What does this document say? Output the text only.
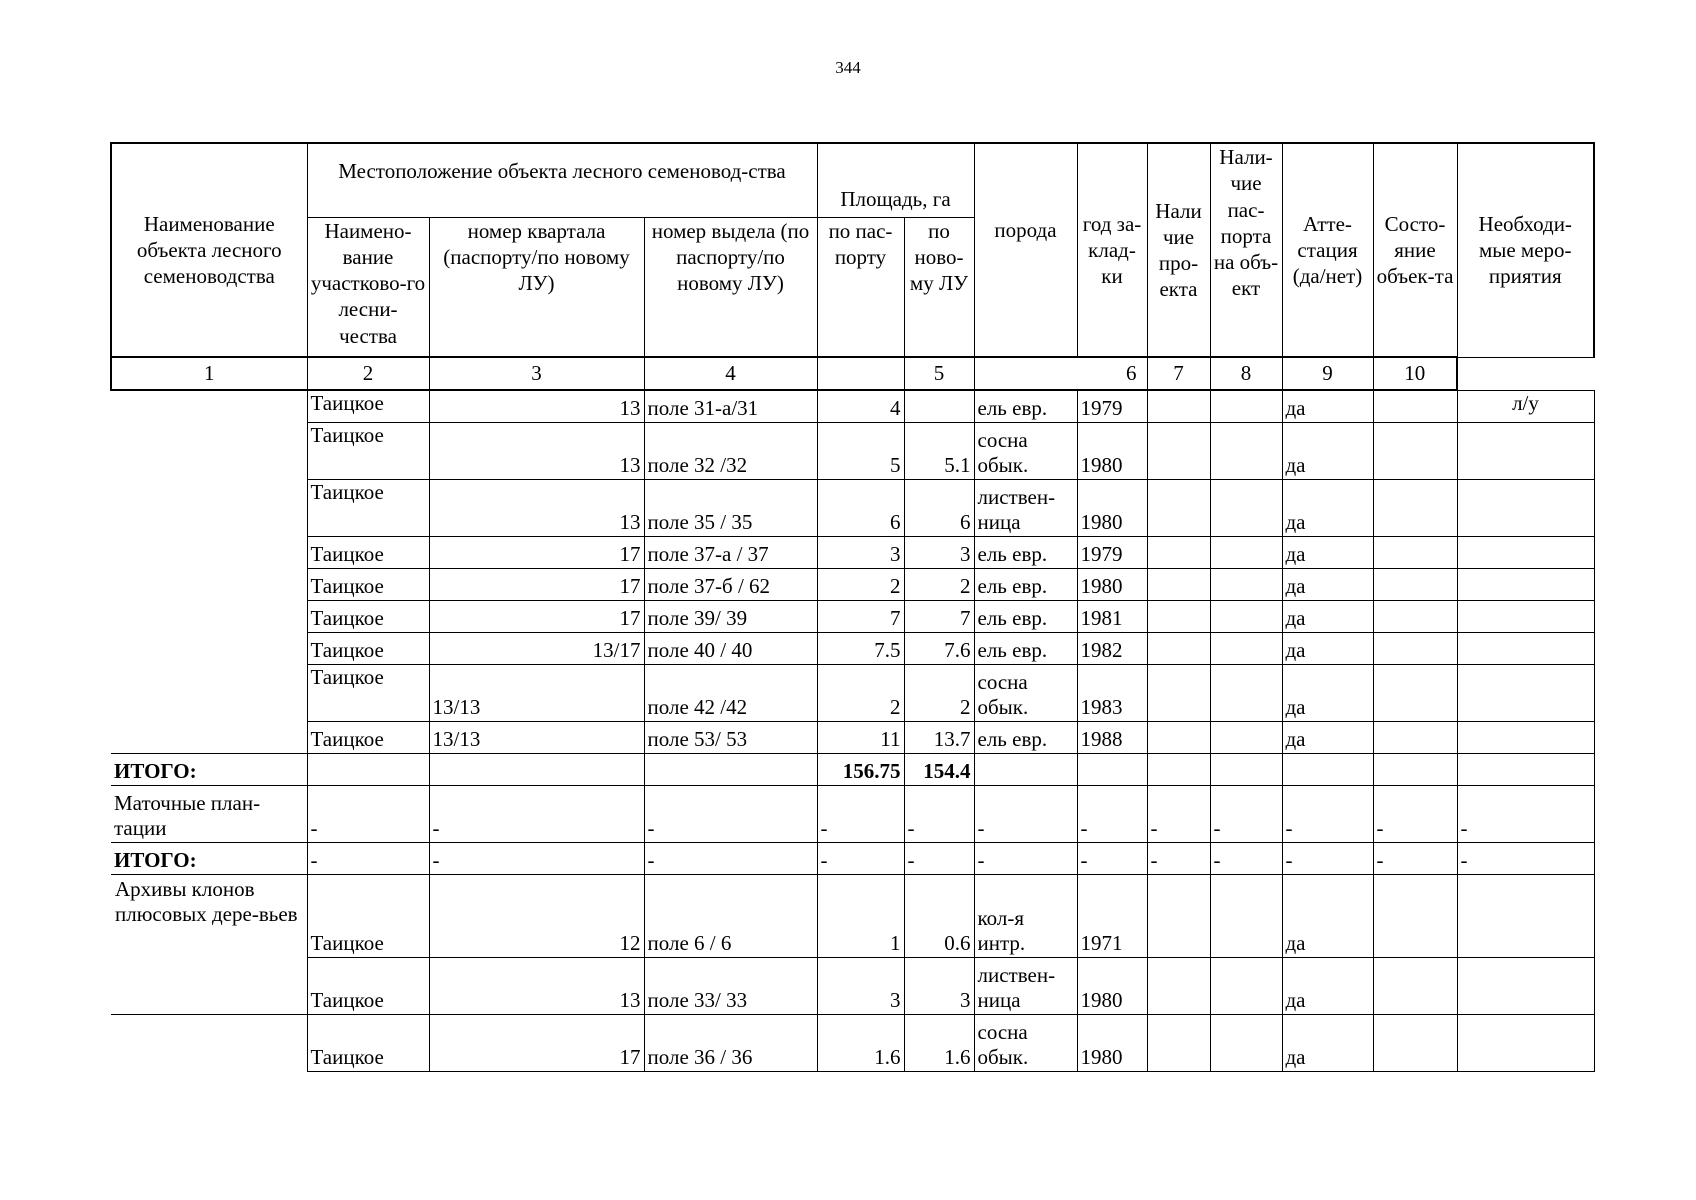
344
Наименование объекта лесного семеноводства	Местоположение объекта лесного семеновод-ства			Площадь, га		порода	год за-клад-ки	Нали чие про-екта	Нали-чие пас-порта на объ-ект	Атте-стация (да/нет)	Состо-яние объек-та	Необходи-мые меро-приятия
	Наимено-вание участково-го лесни-чества	номер квартала (паспорту/по новому ЛУ)	номер выдела (по паспорту/по новому ЛУ)	по пас-порту	по ново-му ЛУ							
1	2	3	4		5	6		7	8	9	10	
	Таицкое	13	поле 31-а/31	4		ель евр.	1979			да		л/у
	Таицкое	13	поле 32 /32	5	5.1	сосна
обык.	1980			да		
	Таицкое	13	поле 35 / 35	6	6	листвен-
ница	1980			да		
	Таицкое	17	поле 37-а / 37	3	3	ель евр.	1979			да		
	Таицкое	17	поле 37-б / 62	2	2	ель евр.	1980			да		
	Таицкое	17	поле 39/ 39	7	7	ель евр.	1981			да		
	Таицкое	13/17	поле 40 / 40	7.5	7.6	ель евр.	1982			да		
	Таицкое	13/13	поле 42 /42	2	2	сосна
обык.	1983			да		
	Таицкое	13/13	поле 53/ 53	11	13.7	ель евр.	1988			да		
ИТОГО:				156.75	154.4							
Маточные план-тации	-	-	-	-	-	-	-	-	-	-	-	-
ИТОГО:	-	-	-	-	-	-	-	-	-	-	-	-
Архивы клонов плюсовых дере-вьев	Таицкое	12	поле 6 / 6	1	0.6	кол-я
интр.	1971			да		
	Таицкое	13	поле 33/ 33	3	3	листвен-
ница	1980			да		
	Таицкое	17	поле 36 / 36	1.6	1.6	сосна
обык.	1980			да		
